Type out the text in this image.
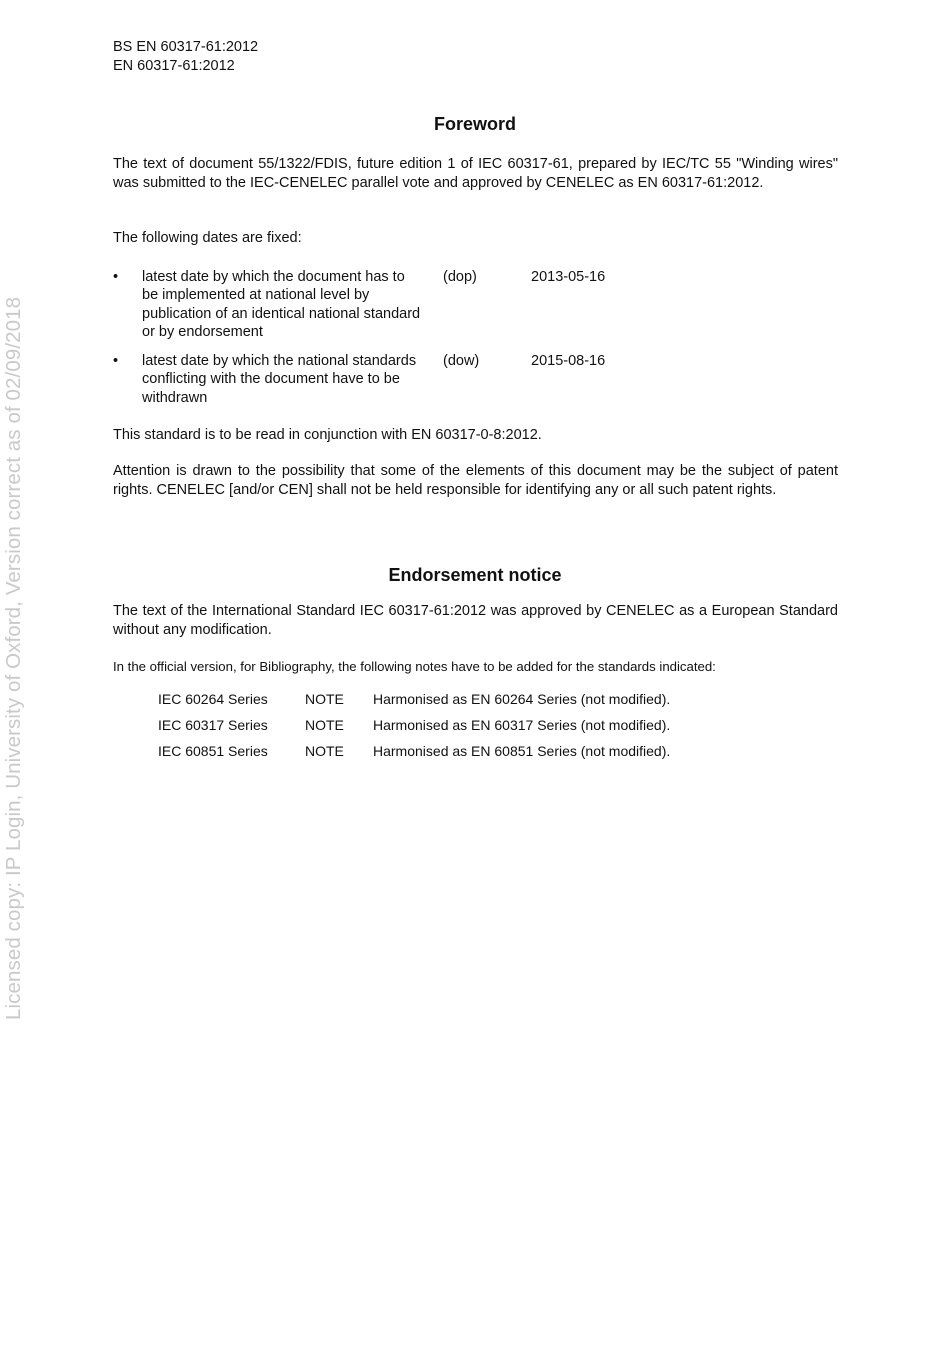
Licensed copy: IP Login, University of Oxford, Version correct as of 02/09/2018
BS EN 60317-61:2012
EN 60317-61:2012
Foreword
The text of document 55/1322/FDIS, future edition 1 of IEC 60317-61, prepared by IEC/TC 55 "Winding wires" was submitted to the IEC-CENELEC parallel vote and approved by CENELEC as EN 60317-61:2012.
The following dates are fixed:
• latest date by which the document has to be implemented at national level by publication of an identical national standard or by endorsement
(dop)	2013-05-16
• latest date by which the national standards conflicting with the document have to be withdrawn
(dow)	2015-08-16
This standard is to be read in conjunction with EN 60317-0-8:2012.
Attention is drawn to the possibility that some of the elements of this document may be the subject of patent rights. CENELEC [and/or CEN] shall not be held responsible for identifying any or all such patent rights.
Endorsement notice
The text of the International Standard IEC 60317-61:2012 was approved by CENELEC as a European Standard without any modification.
In the official version, for Bibliography, the following notes have to be added for the standards indicated:
IEC 60264 Series	NOTE Harmonised as EN 60264 Series (not modified).
IEC 60317 Series	NOTE Harmonised as EN 60317 Series (not modified).
IEC 60851 Series	NOTE Harmonised as EN 60851 Series (not modified).
